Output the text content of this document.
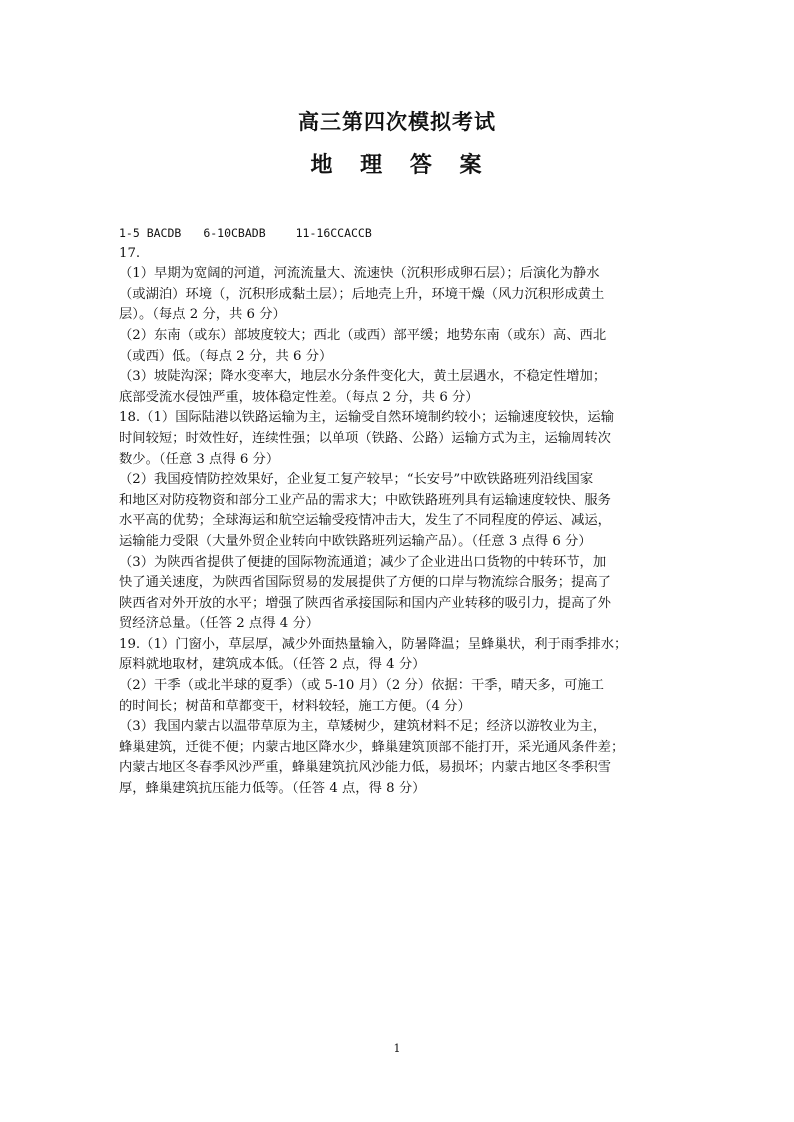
高三第四次模拟考试
地 理 答 案
1-5 BACDB 6-10CBADB	11-16CCACCB
17.
（1）早期为宽阔的河道，河流流量大、流速快（沉积形成卵石层）；后演化为静水
（或湖泊）环境（，沉积形成黏土层）；后地壳上升，环境干燥（风力沉积形成黄土
层）。（每点 2 分，共 6 分）
（2）东南（或东）部坡度较大；西北（或西）部平缓；地势东南（或东）高、西北
（或西）低。（每点 2 分，共 6 分）
（3）坡陡沟深；降水变率大，地层水分条件变化大，黄土层遇水，不稳定性增加；
底部受流水侵蚀严重，坡体稳定性差。（每点 2 分，共 6 分）
18.（1）国际陆港以铁路运输为主，运输受自然环境制约较小；运输速度较快，运输
时间较短；时效性好，连续性强；以单项（铁路、公路）运输方式为主，运输周转次
数少。（任意 3 点得 6 分）
（2）我国疫情防控效果好，企业复工复产较早；“长安号”中欧铁路班列沿线国家
和地区对防疫物资和部分工业产品的需求大；中欧铁路班列具有运输速度较快、服务
水平高的优势；全球海运和航空运输受疫情冲击大，发生了不同程度的停运、减运，
运输能力受限（大量外贸企业转向中欧铁路班列运输产品）。（任意 3 点得 6 分）
（3）为陕西省提供了便捷的国际物流通道；减少了企业进出口货物的中转环节，加
快了通关速度，为陕西省国际贸易的发展提供了方便的口岸与物流综合服务；提高了
陕西省对外开放的水平；增强了陕西省承接国际和国内产业转移的吸引力，提高了外
贸经济总量。（任答 2 点得 4 分）
19.（1）门窗小，草层厚，减少外面热量输入，防暑降温；呈蜂巢状，利于雨季排水；
原料就地取材，建筑成本低。（任答 2 点，得 4 分）
（2）干季（或北半球的夏季）（或 5-10 月）（2 分）依据：干季，晴天多，可施工
的时间长；树苗和草都变干，材料较轻，施工方便。（4 分）
（3）我国内蒙古以温带草原为主，草矮树少，建筑材料不足；经济以游牧业为主，
蜂巢建筑，迁徙不便；内蒙古地区降水少，蜂巢建筑顶部不能打开，采光通风条件差；
内蒙古地区冬春季风沙严重，蜂巢建筑抗风沙能力低，易损坏；内蒙古地区冬季积雪
厚，蜂巢建筑抗压能力低等。（任答 4 点，得 8 分）
1
